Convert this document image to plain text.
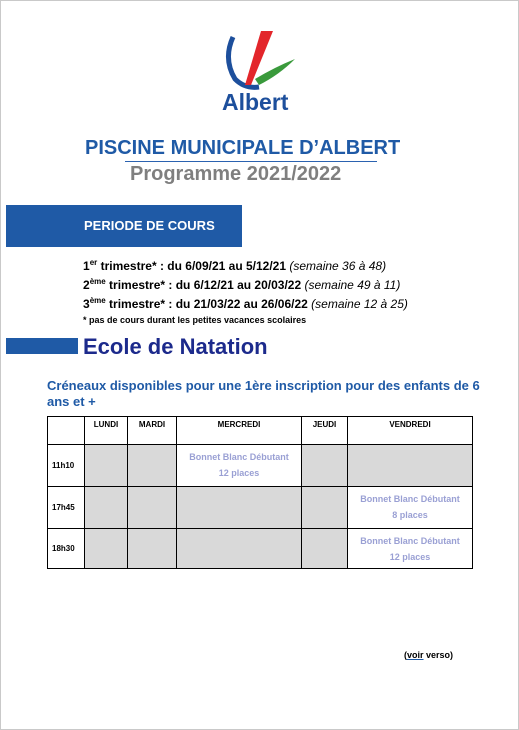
Albert
PISCINE MUNICIPALE D’ALBERT
Programme 2021/2022
PERIODE DE COURS
1er trimestre* : du 6/09/21 au 5/12/21 (semaine 36 à 48)
2ème trimestre* : du 6/12/21 au 20/03/22 (semaine 49 à 11)
3ème trimestre* : du 21/03/22 au 26/06/22 (semaine 12 à 25)
* pas de cours durant les petites vacances scolaires
Ecole de Natation
Créneaux disponibles pour une 1ère inscription pour des enfants de 6 ans et +
	LUNDI	MARDI	MERCREDI	JEUDI	VENDREDI
11h10			Bonnet Blanc Débutant
12 places		

17h45					Bonnet Blanc Débutant
8 places
18h30					Bonnet Blanc Débutant
12 places
(voir verso)
